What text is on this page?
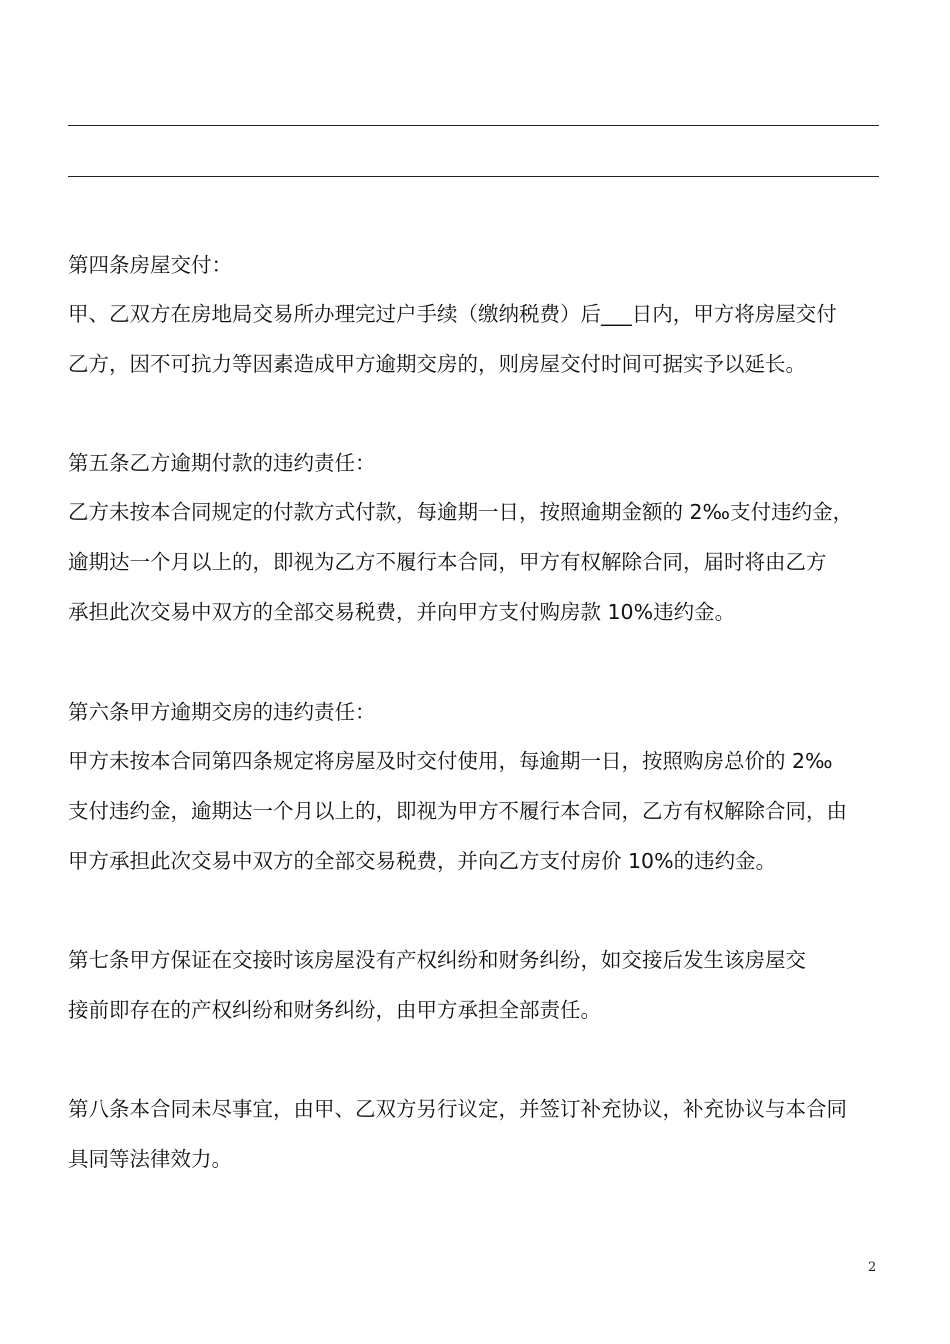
第四条房屋交付：
甲、乙双方在房地局交易所办理完过户手续（缴纳税费）后___日内，甲方将房屋交付
乙方，因不可抗力等因素造成甲方逾期交房的，则房屋交付时间可据实予以延长。
第五条乙方逾期付款的违约责任：
乙方未按本合同规定的付款方式付款，每逾期一日，按照逾期金额的 2‰支付违约金，
逾期达一个月以上的，即视为乙方不履行本合同，甲方有权解除合同，届时将由乙方
承担此次交易中双方的全部交易税费，并向甲方支付购房款 10%违约金。
第六条甲方逾期交房的违约责任：
甲方未按本合同第四条规定将房屋及时交付使用，每逾期一日，按照购房总价的 2‰
支付违约金，逾期达一个月以上的，即视为甲方不履行本合同，乙方有权解除合同，由
甲方承担此次交易中双方的全部交易税费，并向乙方支付房价 10%的违约金。
第七条甲方保证在交接时该房屋没有产权纠纷和财务纠纷，如交接后发生该房屋交
接前即存在的产权纠纷和财务纠纷，由甲方承担全部责任。
第八条本合同未尽事宜，由甲、乙双方另行议定，并签订补充协议，补充协议与本合同
具同等法律效力。
2
